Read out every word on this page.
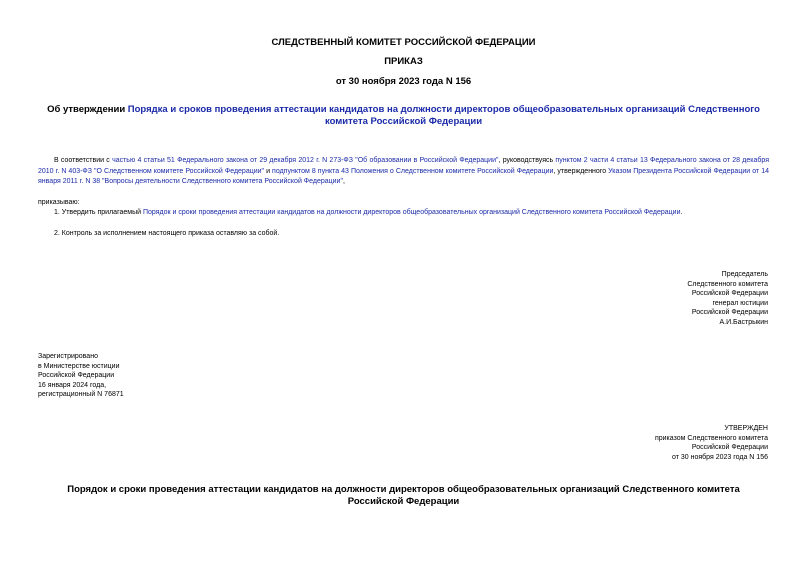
СЛЕДСТВЕННЫЙ КОМИТЕТ РОССИЙСКОЙ ФЕДЕРАЦИИ
ПРИКАЗ
от 30 ноября 2023 года N 156
Об утверждении Порядка и сроков проведения аттестации кандидатов на должности директоров общеобразовательных организаций Следственного комитета Российской Федерации
В соответствии с частью 4 статьи 51 Федерального закона от 29 декабря 2012 г. N 273-ФЗ "Об образовании в Российской Федерации", руководствуясь пунктом 2 части 4 статьи 13 Федерального закона от 28 декабря 2010 г. N 403-ФЗ "О Следственном комитете Российской Федерации" и подпунктом 8 пункта 43 Положения о Следственном комитете Российской Федерации, утвержденного Указом Президента Российской Федерации от 14 января 2011 г. N 38 "Вопросы деятельности Следственного комитета Российской Федерации",
приказываю:
1. Утвердить прилагаемый Порядок и сроки проведения аттестации кандидатов на должности директоров общеобразовательных организаций Следственного комитета Российской Федерации.
2. Контроль за исполнением настоящего приказа оставляю за собой.
Председатель
Следственного комитета
Российской Федерации
генерал юстиции
Российской Федерации
А.И.Бастрыкин
Зарегистрировано
в Министерстве юстиции
Российской Федерации
16 января 2024 года,
регистрационный N 76871
УТВЕРЖДЕН
приказом Следственного комитета
Российской Федерации
от 30 ноября 2023 года N 156
Порядок и сроки проведения аттестации кандидатов на должности директоров общеобразовательных организаций Следственного комитета Российской Федерации
